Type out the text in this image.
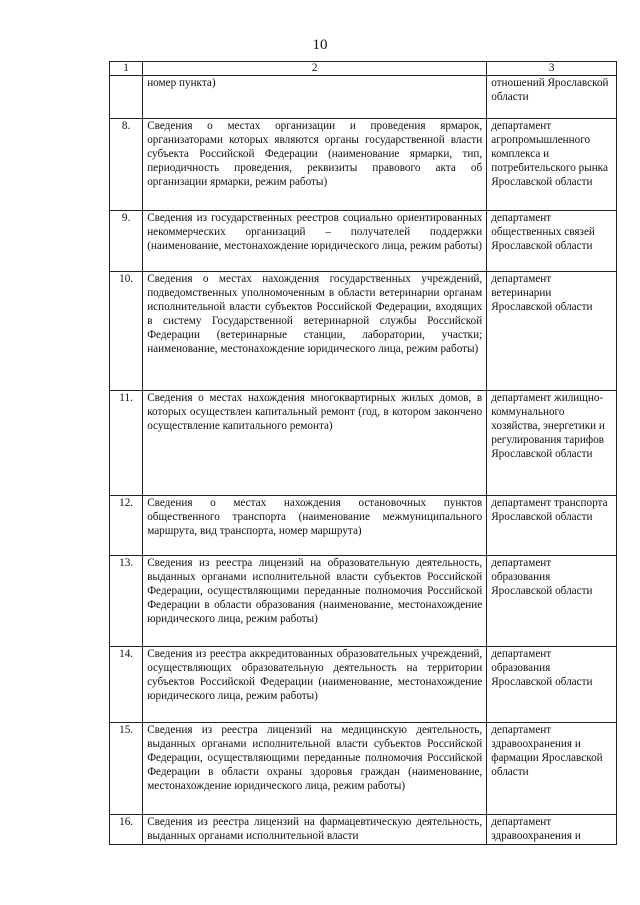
10
1	2	3
	номер пункта)	отношений Ярославской области
8.	Сведения о местах организации и проведения ярмарок, организаторами которых являются органы государственной власти субъекта Российской Федерации (наименование ярмарки, тип, периодичность проведения, реквизиты правового акта об организации ярмарки, режим работы)	департамент агропромышленного комплекса и потребительского рынка Ярославской области
9.	Сведения из государственных реестров социально ориентированных некоммерческих организаций – получателей поддержки (наименование, местонахождение юридического лица, режим работы)	департамент общественных связей Ярославской области
10.	Сведения о местах нахождения государственных учреждений, подведомственных уполномоченным в области ветеринарии органам исполнительной власти субъектов Российской Федерации, входящих в систему Государственной ветеринарной службы Российской Федерации (ветеринарные станции, лаборатории, участки; наименование, местонахождение юридического лица, режим работы)	департамент ветеринарии Ярославской области
11.	Сведения о местах нахождения многоквартирных жилых домов, в которых осуществлен капитальный ремонт (год, в котором закончено осуществление капитального ремонта)	департамент жилищно-коммунального хозяйства, энергетики и регулирования тарифов Ярославской области
12.	Сведения о местах нахождения остановочных пунктов общественного транспорта (наименование межмуниципального маршрута, вид транспорта, номер маршрута)	департамент транспорта Ярославской области
13.	Сведения из реестра лицензий на образовательную деятельность, выданных органами исполнительной власти субъектов Российской Федерации, осуществляющими переданные полномочия Российской Федерации в области образования (наименование, местонахождение юридического лица, режим работы)	департамент образования Ярославской области
14.	Сведения из реестра аккредитованных образовательных учреждений, осуществляющих образовательную деятельность на территории субъектов Российской Федерации (наименование, местонахождение юридического лица, режим работы)	департамент образования Ярославской области
15.	Сведения из реестра лицензий на медицинскую деятельность, выданных органами исполнительной власти субъектов Российской Федерации, осуществляющими переданные полномочия Российской Федерации в области охраны здоровья граждан (наименование, местонахождение юридического лица, режим работы)	департамент здравоохранения и фармации Ярославской области
16.	Сведения из реестра лицензий на фармацевтическую деятельность, выданных органами исполнительной власти	департамент здравоохранения и
